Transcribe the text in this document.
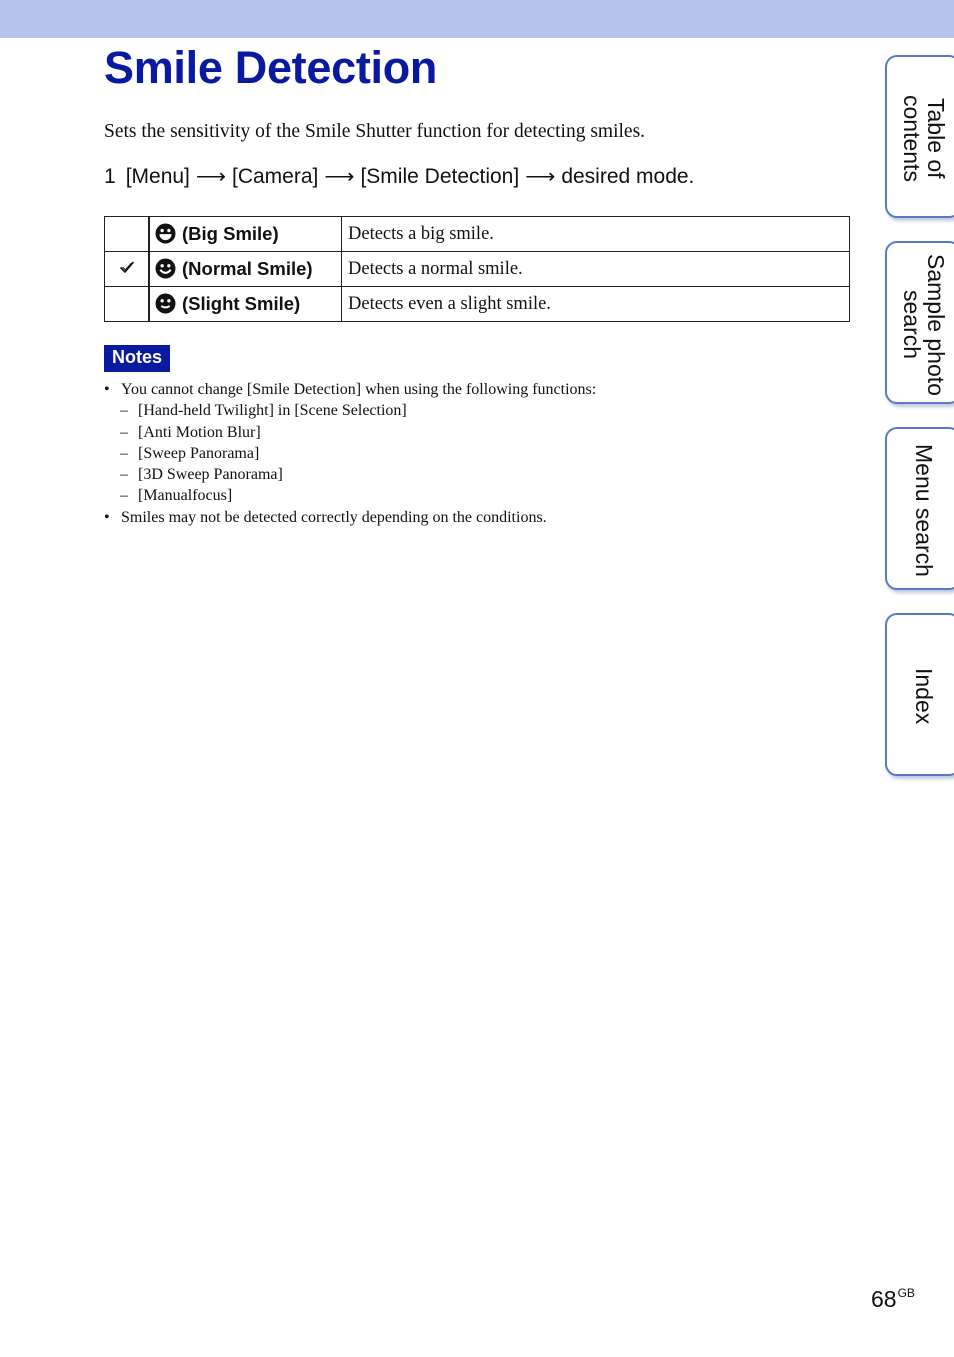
Smile Detection
Sets the sensitivity of the Smile Shutter function for detecting smiles.
1 [Menu] ⟶ [Camera] ⟶ [Smile Detection] ⟶ desired mode.
	(Big Smile)	Detects a big smile.
	(Normal Smile)	Detects a normal smile.
	(Slight Smile)	Detects even a slight smile.
Notes
• You cannot change [Smile Detection] when using the following functions:
– [Hand-held Twilight] in [Scene Selection]
– [Anti Motion Blur]
– [Sweep Panorama]
– [3D Sweep Panorama]
– [Manualfocus]
• Smiles may not be detected correctly depending on the conditions.
Table of contents
Sample photo search
Menu search
Index
$68^{GB}$
